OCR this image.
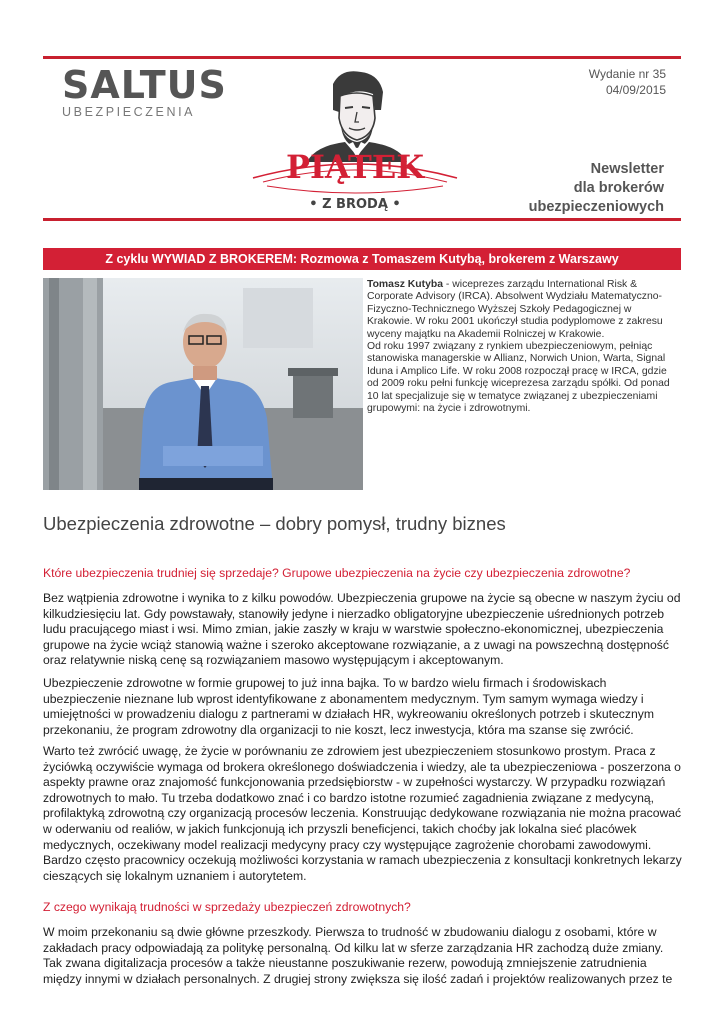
SALTUS
UBEZPIECZENIA
PIĄTEK
• Z BRODĄ •
Wydanie nr 35
04/09/2015
Newsletter
dla brokerów
ubezpieczeniowych
Z cyklu WYWIAD Z BROKEREM: Rozmowa z Tomaszem Kutybą, brokerem z Warszawy
Tomasz Kutyba - wiceprezes zarządu International Risk & Corporate Advisory (IRCA). Absolwent Wydziału Matematyczno-Fizyczno-Technicznego Wyższej Szkoły Pedagogicznej w Krakowie. W roku 2001 ukończył studia podyplomowe z zakresu wyceny majątku na Akademii Rolniczej w Krakowie.
Od roku 1997 związany z rynkiem ubezpieczeniowym, pełniąc stanowiska managerskie w Allianz, Norwich Union, Warta, Signal Iduna i Amplico Life. W roku 2008 rozpoczął pracę w IRCA, gdzie od 2009 roku pełni funkcję wiceprezesa zarządu spółki. Od ponad 10 lat specjalizuje się w tematyce związanej z ubezpieczeniami grupowymi: na życie i zdrowotnymi.
Ubezpieczenia zdrowotne – dobry pomysł, trudny biznes
Które ubezpieczenia trudniej się sprzedaje? Grupowe ubezpieczenia na życie czy ubezpieczenia zdrowotne?
Bez wątpienia zdrowotne i wynika to z kilku powodów. Ubezpieczenia grupowe na życie są obecne w naszym życiu od kilkudziesięciu lat. Gdy powstawały, stanowiły jedyne i nierzadko obligatoryjne ubezpieczenie uśrednionych potrzeb ludu pracującego miast i wsi. Mimo zmian, jakie zaszły w kraju w warstwie społeczno-ekonomicznej, ubezpieczenia grupowe na życie wciąż stanowią ważne i szeroko akceptowane rozwiązanie, a z uwagi na powszechną dostępność oraz relatywnie niską cenę są rozwiązaniem masowo występującym i akceptowanym.
Ubezpieczenie zdrowotne w formie grupowej to już inna bajka. To w bardzo wielu firmach i środowiskach ubezpieczenie nieznane lub wprost identyfikowane z abonamentem medycznym. Tym samym wymaga wiedzy i umiejętności w prowadzeniu dialogu z partnerami w działach HR, wykreowaniu określonych potrzeb i skutecznym przekonaniu, że program zdrowotny dla organizacji to nie koszt, lecz inwestycja, która ma szanse się zwrócić.
Warto też zwrócić uwagę, że życie w porównaniu ze zdrowiem jest ubezpieczeniem stosunkowo prostym. Praca z życiówką oczywiście wymaga od brokera określonego doświadczenia i wiedzy, ale ta ubezpieczeniowa - poszerzona o aspekty prawne oraz znajomość funkcjonowania przedsiębiorstw - w zupełności wystarczy. W przypadku rozwiązań zdrowotnych to mało. Tu trzeba dodatkowo znać i co bardzo istotne rozumieć zagadnienia związane z medycyną, profilaktyką zdrowotną czy organizacją procesów leczenia. Konstruując dedykowane rozwiązania nie można pracować w oderwaniu od realiów, w jakich funkcjonują ich przyszli beneficjenci, takich choćby jak lokalna sieć placówek medycznych, oczekiwany model realizacji medycyny pracy czy występujące zagrożenie chorobami zawodowymi. Bardzo często pracownicy oczekują możliwości korzystania w ramach ubezpieczenia z konsultacji konkretnych lekarzy cieszących się lokalnym uznaniem i autorytetem.
Z czego wynikają trudności w sprzedaży ubezpieczeń zdrowotnych?
W moim przekonaniu są dwie główne przeszkody. Pierwsza to trudność w zbudowaniu dialogu z osobami, które w zakładach pracy odpowiadają za politykę personalną. Od kilku lat w sferze zarządzania HR zachodzą duże zmiany. Tak zwana digitalizacja procesów a także nieustanne poszukiwanie rezerw, powodują zmniejszenie zatrudnienia między innymi w działach personalnych. Z drugiej strony zwiększa się ilość zadań i projektów realizowanych przez te
